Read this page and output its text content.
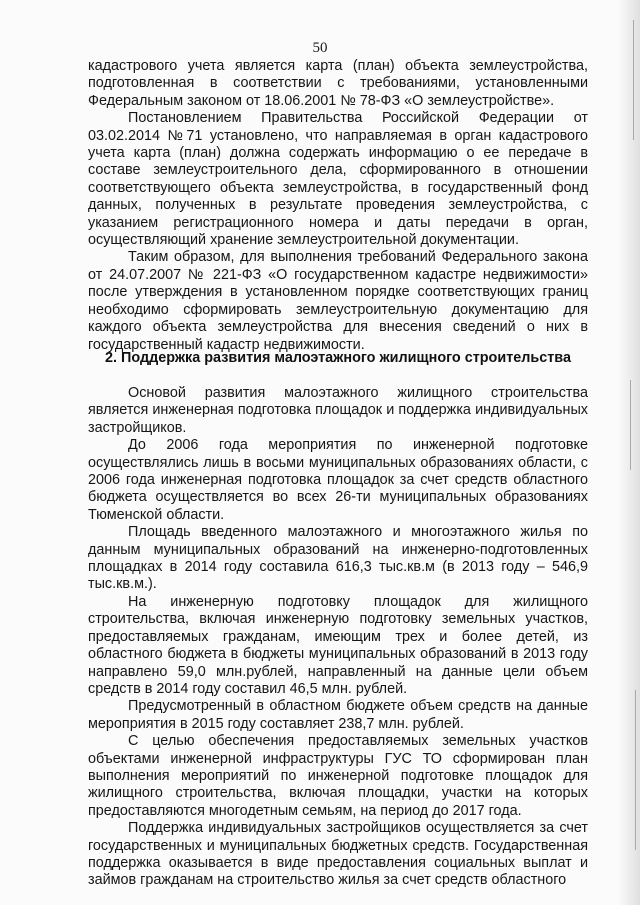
50

кадастрового учета является карта (план) объекта землеустройства, подготовленная в соответствии с требованиями, установленными Федеральным законом от 18.06.2001 № 78-ФЗ «О землеустройстве».

Постановлением Правительства Российской Федерации от 03.02.2014 №71 установлено, что направляемая в орган кадастрового учета карта (план) должна содержать информацию о ее передаче в составе землеустроительного дела, сформированного в отношении соответствующего объекта землеустройства, в государственный фонд данных, полученных в результате проведения землеустройства, с указанием регистрационного номера и даты передачи в орган, осуществляющий хранение землеустроительной документации.

Таким образом, для выполнения требований Федерального закона от 24.07.2007 № 221-ФЗ «О государственном кадастре недвижимости» после утверждения в установленном порядке соответствующих границ необходимо сформировать землеустроительную документацию для каждого объекта землеустройства для внесения сведений о них в государственный кадастр недвижимости.

2. Поддержка развития малоэтажного жилищного строительства

Основой развития малоэтажного жилищного строительства является инженерная подготовка площадок и поддержка индивидуальных застройщиков.

До 2006 года мероприятия по инженерной подготовке осуществлялись лишь в восьми муниципальных образованиях области, с 2006 года инженерная подготовка площадок за счет средств областного бюджета осуществляется во всех 26-ти муниципальных образованиях Тюменской области.

Площадь введенного малоэтажного и многоэтажного жилья по данным муниципальных образований на инженерно-подготовленных площадках в 2014 году составила 616,3 тыс.кв.м (в 2013 году – 546,9 тыс.кв.м.).

На инженерную подготовку площадок для жилищного строительства, включая инженерную подготовку земельных участков, предоставляемых гражданам, имеющим трех и более детей, из областного бюджета в бюджеты муниципальных образований в 2013 году направлено 59,0 млн.рублей, направленный на данные цели объем средств в 2014 году составил 46,5 млн. рублей.

Предусмотренный в областном бюджете объем средств на данные мероприятия в 2015 году составляет 238,7 млн. рублей.

С целью обеспечения предоставляемых земельных участков объектами инженерной инфраструктуры ГУС ТО сформирован план выполнения мероприятий по инженерной подготовке площадок для жилищного строительства, включая площадки, участки на которых предоставляются многодетным семьям, на период до 2017 года.

Поддержка индивидуальных застройщиков осуществляется за счет государственных и муниципальных бюджетных средств. Государственная поддержка оказывается в виде предоставления социальных выплат и займов гражданам на строительство жилья за счет средств областного
